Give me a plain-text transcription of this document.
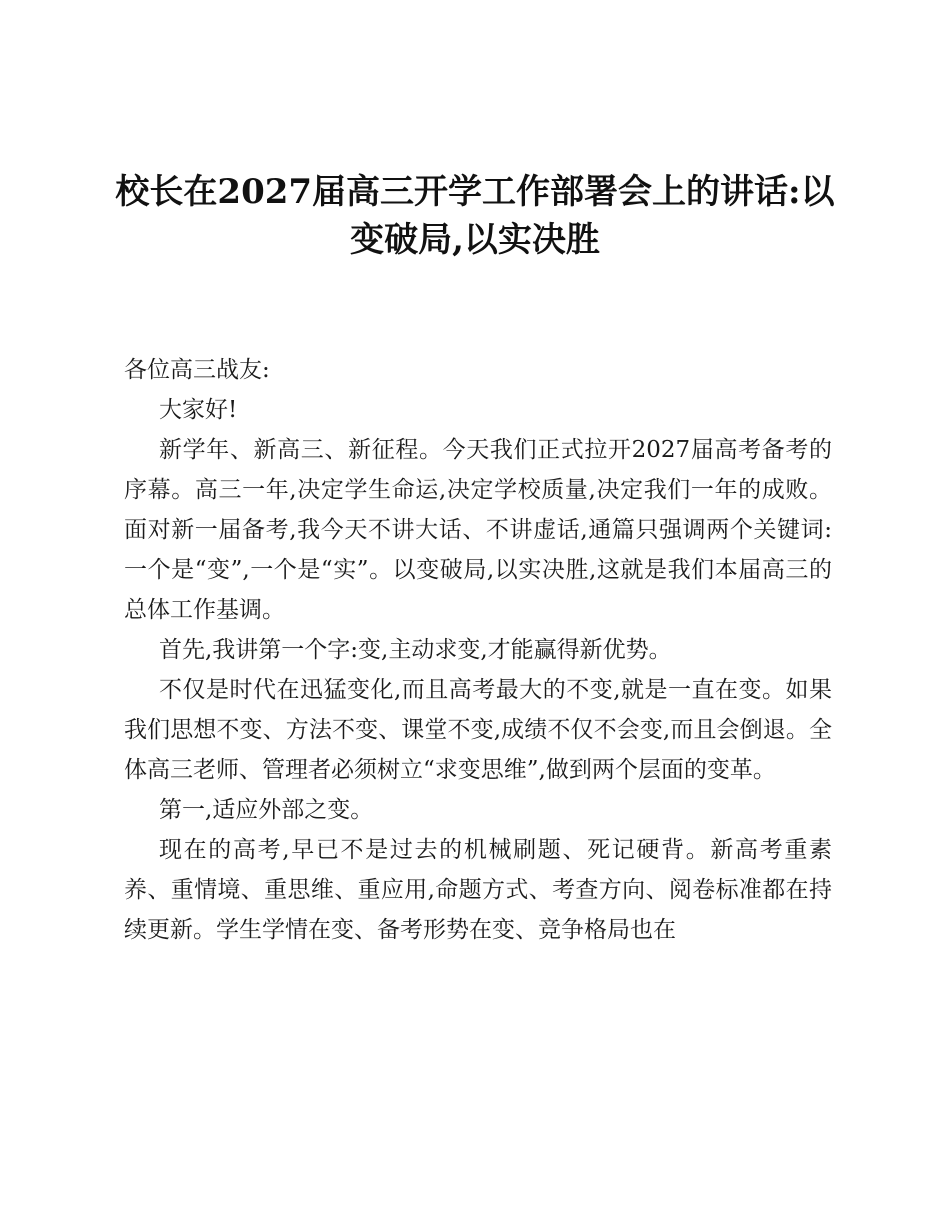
校长在2027届高三开学工作部署会上的讲话:以变破局,以实决胜

各位高三战友:

大家好!

新学年、新高三、新征程。今天我们正式拉开2027届高考备考的序幕。高三一年,决定学生命运,决定学校质量,决定我们一年的成败。面对新一届备考,我今天不讲大话、不讲虚话,通篇只强调两个关键词:一个是“变”,一个是“实”。以变破局,以实决胜,这就是我们本届高三的总体工作基调。

首先,我讲第一个字:变,主动求变,才能赢得新优势。

不仅是时代在迅猛变化,而且高考最大的不变,就是一直在变。如果我们思想不变、方法不变、课堂不变,成绩不仅不会变,而且会倒退。全体高三老师、管理者必须树立“求变思维”,做到两个层面的变革。

第一,适应外部之变。

现在的高考,早已不是过去的机械刷题、死记硬背。新高考重素养、重情境、重思维、重应用,命题方式、考查方向、阅卷标准都在持续更新。学生学情在变、备考形势在变、竞争格局也在
